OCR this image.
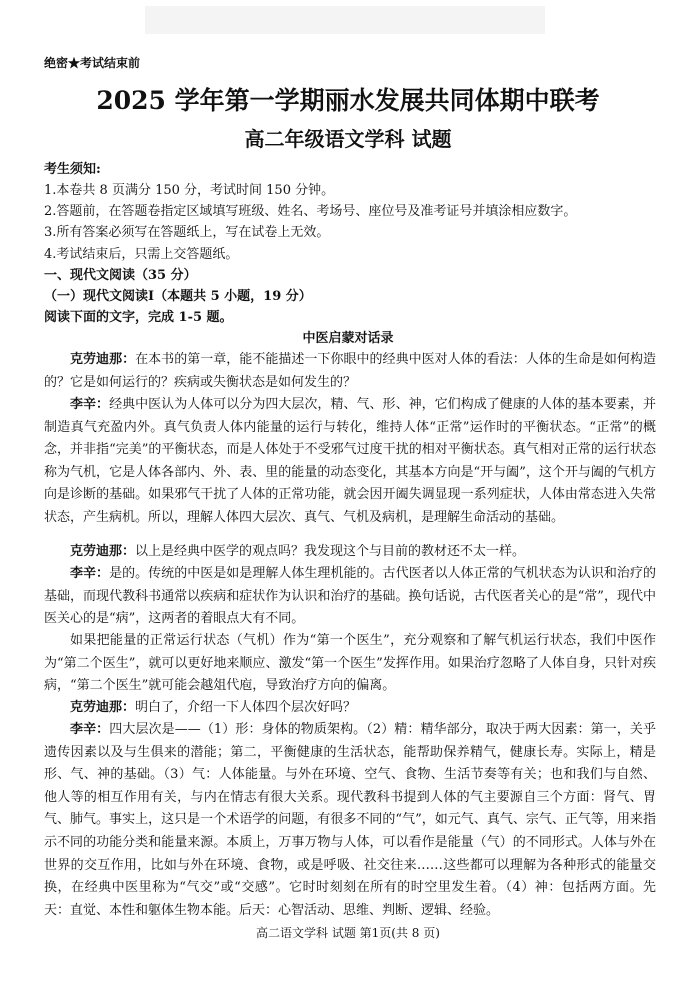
绝密★考试结束前
2025 学年第一学期丽水发展共同体期中联考
高二年级语文学科 试题
考生须知:
1.本卷共 8 页满分 150 分，考试时间 150 分钟。
2.答题前，在答题卷指定区域填写班级、姓名、考场号、座位号及准考证号并填涂相应数字。
3.所有答案必须写在答题纸上，写在试卷上无效。
4.考试结束后，只需上交答题纸。
一、现代文阅读（35 分）
（一）现代文阅读Ⅰ（本题共 5 小题，19 分）
阅读下面的文字，完成 1-5 题。
中医启蒙对话录
克劳迪那：在本书的第一章，能不能描述一下你眼中的经典中医对人体的看法：人体的生命是如何构造的？它是如何运行的？疾病或失衡状态是如何发生的？
李辛：经典中医认为人体可以分为四大层次，精、气、形、神，它们构成了健康的人体的基本要素，并制造真气充盈内外。真气负责人体内能量的运行与转化，维持人体“正常”运作时的平衡状态。“正常”的概念，并非指“完美”的平衡状态，而是人体处于不受邪气过度干扰的相对平衡状态。真气相对正常的运行状态称为气机，它是人体各部内、外、表、里的能量的动态变化，其基本方向是“开与阖”，这个开与阖的气机方向是诊断的基础。如果邪气干扰了人体的正常功能，就会因开阖失调显现一系列症状，人体由常态进入失常状态，产生病机。所以，理解人体四大层次、真气、气机及病机，是理解生命活动的基础。
克劳迪那：以上是经典中医学的观点吗？我发现这个与目前的教材还不太一样。
李辛：是的。传统的中医是如是理解人体生理机能的。古代医者以人体正常的气机状态为认识和治疗的基础，而现代教科书通常以疾病和症状作为认识和治疗的基础。换句话说，古代医者关心的是“常”，现代中医关心的是“病”，这两者的着眼点大有不同。
如果把能量的正常运行状态（气机）作为“第一个医生”，充分观察和了解气机运行状态，我们中医作为“第二个医生”，就可以更好地来顺应、激发“第一个医生”发挥作用。如果治疗忽略了人体自身，只针对疾病，“第二个医生”就可能会越俎代庖，导致治疗方向的偏离。
克劳迪那：明白了，介绍一下人体四个层次好吗？
李辛：四大层次是——（1）形：身体的物质架构。（2）精：精华部分，取决于两大因素：第一，关乎遗传因素以及与生俱来的潜能；第二，平衡健康的生活状态，能帮助保养精气，健康长寿。实际上，精是形、气、神的基础。（3）气：人体能量。与外在环境、空气、食物、生活节奏等有关；也和我们与自然、他人等的相互作用有关，与内在情志有很大关系。现代教科书提到人体的气主要源自三个方面：肾气、胃气、肺气。事实上，这只是一个术语学的问题，有很多不同的“气”，如元气、真气、宗气、正气等，用来指示不同的功能分类和能量来源。本质上，万事万物与人体，可以看作是能量（气）的不同形式。人体与外在世界的交互作用，比如与外在环境、食物，或是呼吸、社交往来……这些都可以理解为各种形式的能量交换，在经典中医里称为“气交”或“交感”。它时时刻刻在所有的时空里发生着。（4）神：包括两方面。先天：直觉、本性和躯体生物本能。后天：心智活动、思维、判断、逻辑、经验。
高二语文学科 试题 第1页(共 8 页)
